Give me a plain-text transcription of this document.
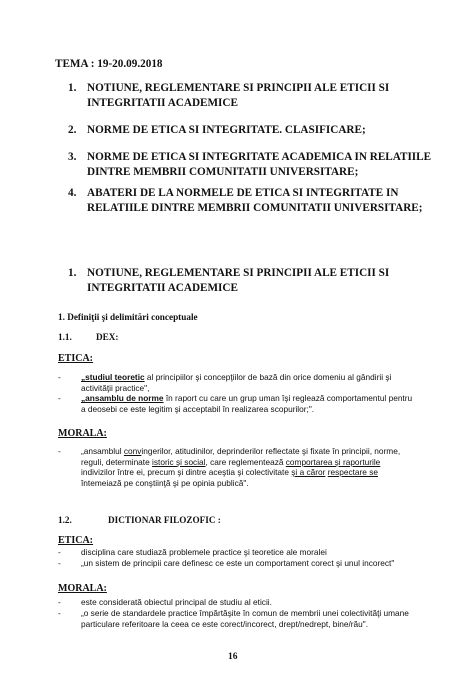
TEMA : 19-20.09.2018
1. NOTIUNE, REGLEMENTARE SI PRINCIPII ALE ETICII SI
INTEGRITATII ACADEMICE
2. NORME DE ETICA SI INTEGRITATE. CLASIFICARE;
3. NORME DE ETICA SI INTEGRITATE ACADEMICA IN RELATIILE
DINTRE MEMBRII COMUNITATII UNIVERSITARE;
4. ABATERI DE LA NORMELE DE ETICA SI INTEGRITATE IN
RELATIILE DINTRE MEMBRII COMUNITATII UNIVERSITARE;
1. NOTIUNE, REGLEMENTARE SI PRINCIPII ALE ETICII SI
INTEGRITATII ACADEMICE
1. Definiţii şi delimitări conceptuale
1.1.	DEX:
ETICA:
- „studiul teoretic al principiilor şi concepţiilor de bază din orice domeniu al gândirii şi
activităţii practice",
- „ansamblu de norme în raport cu care un grup uman îşi reglează comportamentul pentru
a deosebi ce este legitim şi acceptabil în realizarea scopurilor;".
MORALA:
- „ansamblul convingerilor, atitudinilor, deprinderilor reflectate şi fixate în principii, norme,
reguli, determinate istoric şi social, care reglementează comportarea şi raporturile
indivizilor între ei, precum şi dintre aceştia şi colectivitate şi a căror respectare se
întemeiază pe conştiinţă şi pe opinia publică".
1.2.	DICTIONAR FILOZOFIC :
ETICA:
- disciplina care studiază problemele practice şi teoretice ale moralei
- „un sistem de principii care definesc ce este un comportament corect şi unul incorect"
MORALA:
- este considerată obiectul principal de studiu al eticii.
- „o serie de standardele practice împărtăşite în comun de membrii unei colectivităţi umane
particulare referitoare la ceea ce este corect/incorect, drept/nedrept, bine/rău".
16
